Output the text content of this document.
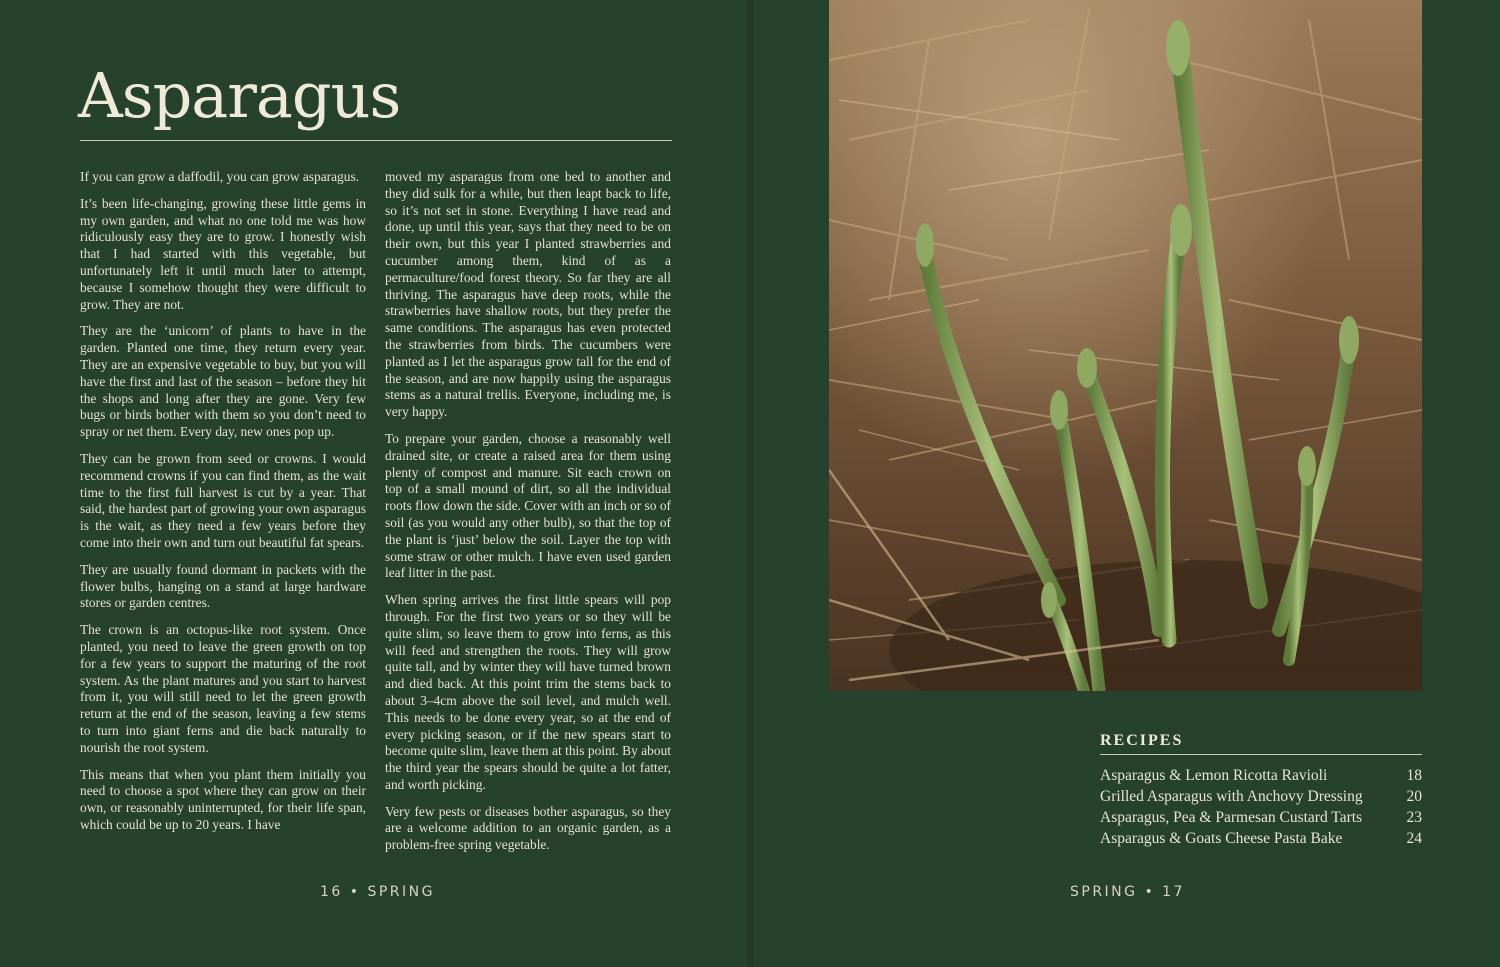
Asparagus

If you can grow a daffodil, you can grow asparagus.

It’s been life-changing, growing these little gems in my own garden, and what no one told me was how ridiculously easy they are to grow. I honestly wish that I had started with this vegetable, but unfortunately left it until much later to attempt, because I somehow thought they were difficult to grow. They are not.

They are the ‘unicorn’ of plants to have in the garden. Planted one time, they return every year. They are an expensive vegetable to buy, but you will have the first and last of the season – before they hit the shops and long after they are gone. Very few bugs or birds bother with them so you don’t need to spray or net them. Every day, new ones pop up.

They can be grown from seed or crowns. I would recommend crowns if you can find them, as the wait time to the first full harvest is cut by a year. That said, the hardest part of growing your own asparagus is the wait, as they need a few years before they come into their own and turn out beautiful fat spears.

They are usually found dormant in packets with the flower bulbs, hanging on a stand at large hardware stores or garden centres.

The crown is an octopus-like root system. Once planted, you need to leave the green growth on top for a few years to support the maturing of the root system. As the plant matures and you start to harvest from it, you will still need to let the green growth return at the end of the season, leaving a few stems to turn into giant ferns and die back naturally to nourish the root system.

This means that when you plant them initially you need to choose a spot where they can grow on their own, or reasonably uninterrupted, for their life span, which could be up to 20 years. I have

moved my asparagus from one bed to another and they did sulk for a while, but then leapt back to life, so it’s not set in stone. Everything I have read and done, up until this year, says that they need to be on their own, but this year I planted strawberries and cucumber among them, kind of as a permaculture/food forest theory. So far they are all thriving. The asparagus have deep roots, while the strawberries have shallow roots, but they prefer the same conditions. The asparagus has even protected the strawberries from birds. The cucumbers were planted as I let the asparagus grow tall for the end of the season, and are now happily using the asparagus stems as a natural trellis. Everyone, including me, is very happy.

To prepare your garden, choose a reasonably well drained site, or create a raised area for them using plenty of compost and manure. Sit each crown on top of a small mound of dirt, so all the individual roots flow down the side. Cover with an inch or so of soil (as you would any other bulb), so that the top of the plant is ‘just’ below the soil. Layer the top with some straw or other mulch. I have even used garden leaf litter in the past.

When spring arrives the first little spears will pop through. For the first two years or so they will be quite slim, so leave them to grow into ferns, as this will feed and strengthen the roots. They will grow quite tall, and by winter they will have turned brown and died back. At this point trim the stems back to about 3–4cm above the soil level, and mulch well. This needs to be done every year, so at the end of every picking season, or if the new spears start to become quite slim, leave them at this point. By about the third year the spears should be quite a lot fatter, and worth picking.

Very few pests or diseases bother asparagus, so they are a welcome addition to an organic garden, as a problem-free spring vegetable.

16 • SPRING	SPRING • 17
RECIPES
Asparagus & Lemon Ricotta Ravioli	18
Grilled Asparagus with Anchovy Dressing	20
Asparagus, Pea & Parmesan Custard Tarts	23
Asparagus & Goats Cheese Pasta Bake	24
